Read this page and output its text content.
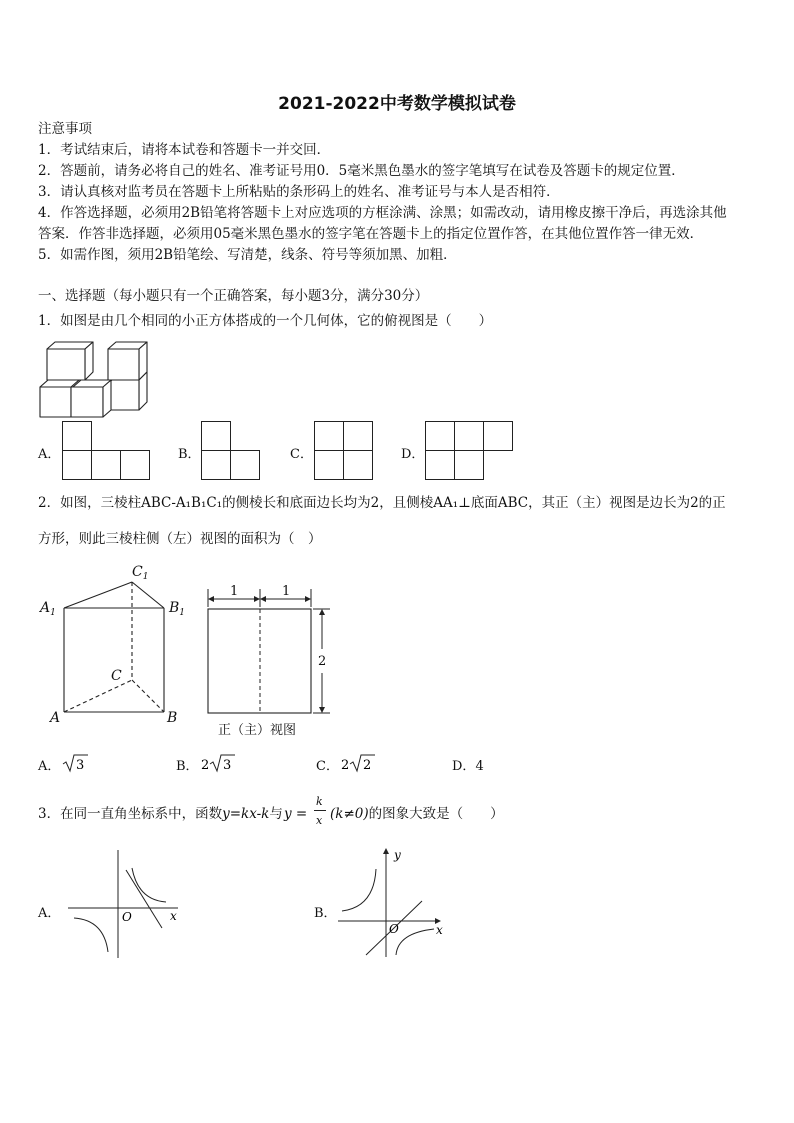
2021-2022中考数学模拟试卷
注意事项
1．考试结束后，请将本试卷和答题卡一并交回．
2．答题前，请务必将自己的姓名、准考证号用0．5毫米黑色墨水的签字笔填写在试卷及答题卡的规定位置．
3．请认真核对监考员在答题卡上所粘贴的条形码上的姓名、准考证号与本人是否相符．
4．作答选择题，必须用2B铅笔将答题卡上对应选项的方框涂满、涂黑；如需改动，请用橡皮擦干净后，再选涂其他
答案．作答非选择题，必须用05毫米黑色墨水的签字笔在答题卡上的指定位置作答，在其他位置作答一律无效．
5．如需作图，须用2B铅笔绘、写清楚，线条、符号等须加黑、加粗．
一、选择题（每小题只有一个正确答案，每小题3分，满分30分）
1．如图是由几个相同的小正方体搭成的一个几何体，它的俯视图是（　　）
A．	B．	C．	D．
2．如图，三棱柱ABC-A₁B₁C₁的侧棱长和底面边长均为2，且侧棱AA₁⊥底面ABC，其正（主）视图是边长为2的正
方形，则此三棱柱侧（左）视图的面积为（　）
$C_1$
$A_1$	$B_1$
C
A	B
1	1
2
正（主）视图
A． 3	B． 2 3	C． 2 2	D．4
3．在同一直角坐标系中，函数y=kx-k与 y =
k
x (k≠0)的图象大致是（　　）
A．	O	x	B．
y
O	x
